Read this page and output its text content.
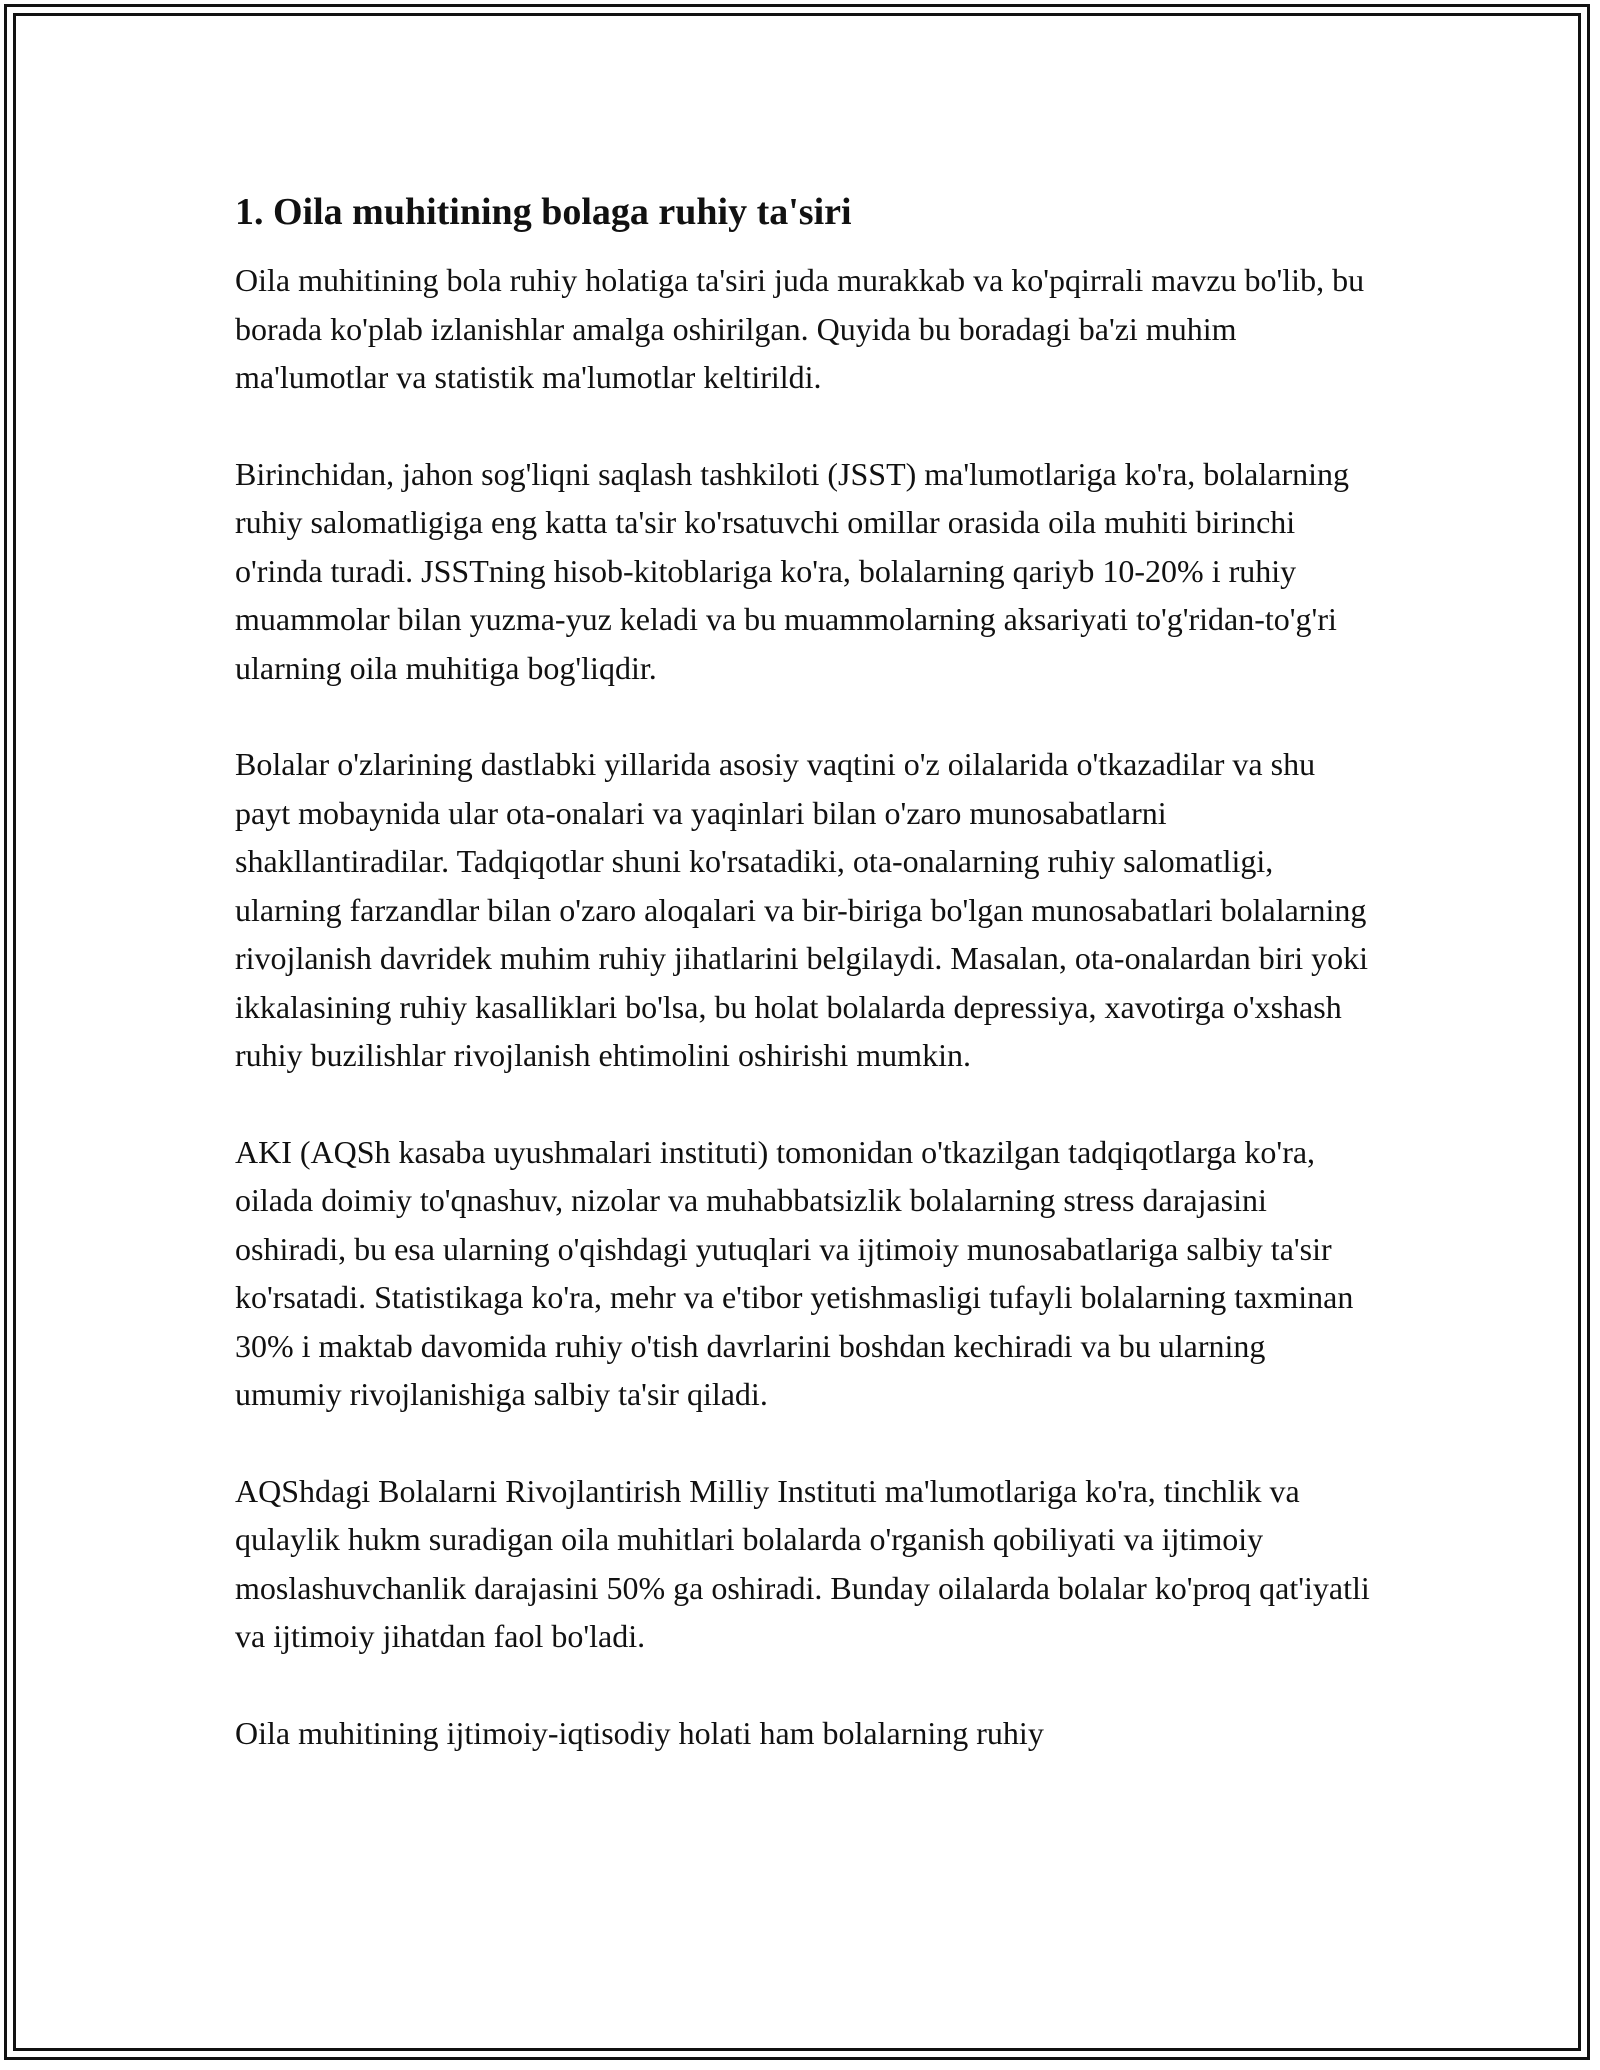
1. Oila muhitining bolaga ruhiy ta'siri

Oila muhitining bola ruhiy holatiga ta'siri juda murakkab va ko'pqirrali mavzu bo'lib, bu borada ko'plab izlanishlar amalga oshirilgan. Quyida bu boradagi ba'zi muhim ma'lumotlar va statistik ma'lumotlar keltirildi.

Birinchidan, jahon sog'liqni saqlash tashkiloti (JSST) ma'lumotlariga ko'ra, bolalarning ruhiy salomatligiga eng katta ta'sir ko'rsatuvchi omillar orasida oila muhiti birinchi o'rinda turadi. JSSTning hisob-kitoblariga ko'ra, bolalarning qariyb 10-20% i ruhiy muammolar bilan yuzma-yuz keladi va bu muammolarning aksariyati to'g'ridan-to'g'ri ularning oila muhitiga bog'liqdir.

Bolalar o'zlarining dastlabki yillarida asosiy vaqtini o'z oilalarida o'tkazadilar va shu payt mobaynida ular ota-onalari va yaqinlari bilan o'zaro munosabatlarni shakllantiradilar. Tadqiqotlar shuni ko'rsatadiki, ota-onalarning ruhiy salomatligi, ularning farzandlar bilan o'zaro aloqalari va bir-biriga bo'lgan munosabatlari bolalarning rivojlanish davridek muhim ruhiy jihatlarini belgilaydi. Masalan, ota-onalardan biri yoki ikkalasining ruhiy kasalliklari bo'lsa, bu holat bolalarda depressiya, xavotirga o'xshash ruhiy buzilishlar rivojlanish ehtimolini oshirishi mumkin.

AKI (AQSh kasaba uyushmalari instituti) tomonidan o'tkazilgan tadqiqotlarga ko'ra, oilada doimiy to'qnashuv, nizolar va muhabbatsizlik bolalarning stress darajasini oshiradi, bu esa ularning o'qishdagi yutuqlari va ijtimoiy munosabatlariga salbiy ta'sir ko'rsatadi. Statistikaga ko'ra, mehr va e'tibor yetishmasligi tufayli bolalarning taxminan 30% i maktab davomida ruhiy o'tish davrlarini boshdan kechiradi va bu ularning umumiy rivojlanishiga salbiy ta'sir qiladi.

AQShdagi Bolalarni Rivojlantirish Milliy Instituti ma'lumotlariga ko'ra, tinchlik va qulaylik hukm suradigan oila muhitlari bolalarda o'rganish qobiliyati va ijtimoiy moslashuvchanlik darajasini 50% ga oshiradi. Bunday oilalarda bolalar ko'proq qat'iyatli va ijtimoiy jihatdan faol bo'ladi.

Oila muhitining ijtimoiy-iqtisodiy holati ham bolalarning ruhiy
